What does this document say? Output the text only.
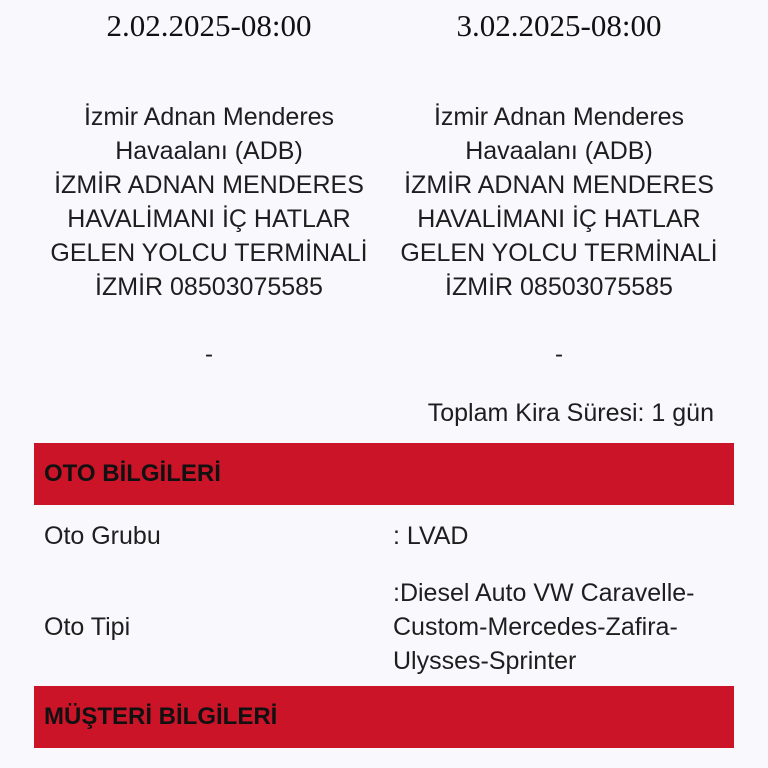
2.02.2025-08:00
İzmir Adnan Menderes
Havaalanı (ADB)
İZMİR ADNAN MENDERES
HAVALİMANI İÇ HATLAR
GELEN YOLCU TERMİNALİ
İZMİR 08503075585
-
3.02.2025-08:00
İzmir Adnan Menderes
Havaalanı (ADB)
İZMİR ADNAN MENDERES
HAVALİMANI İÇ HATLAR
GELEN YOLCU TERMİNALİ
İZMİR 08503075585
-
Toplam Kira Süresi: 1 gün
OTO BİLGİLERİ
Oto Grubu	: LVAD
Oto Tipi
:Diesel Auto VW Caravelle-
Custom-Mercedes-Zafira-
Ulysses-Sprinter
MÜŞTERİ BİLGİLERİ
